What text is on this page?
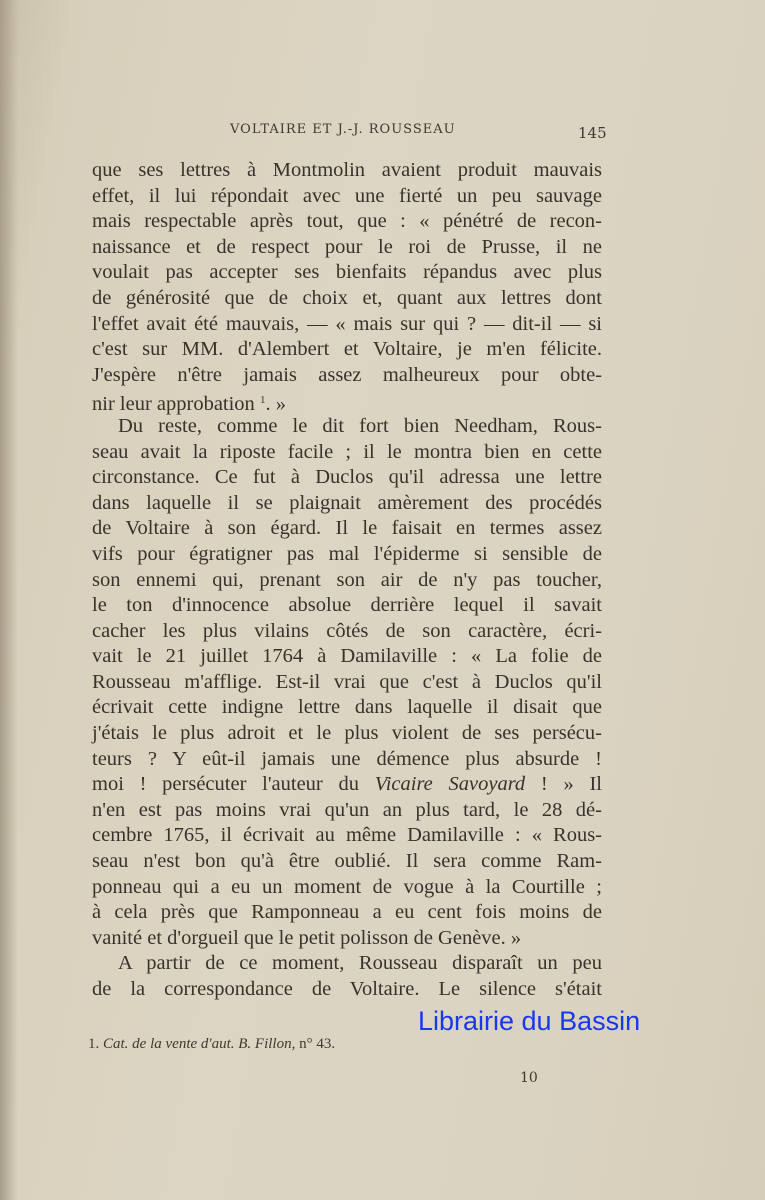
VOLTAIRE ET J.-J. ROUSSEAU	145
que ses lettres à Montmolin avaient produit mauvais
effet, il lui répondait avec une fierté un peu sauvage
mais respectable après tout, que : « pénétré de recon-
naissance et de respect pour le roi de Prusse, il ne
voulait pas accepter ses bienfaits répandus avec plus
de générosité que de choix et, quant aux lettres dont
l'effet avait été mauvais, — « mais sur qui ? — dit-il — si
c'est sur MM. d'Alembert et Voltaire, je m'en félicite.
J'espère n'être jamais assez malheureux pour obte-
nir leur approbation $^1$. »
Du reste, comme le dit fort bien Needham, Rous-
seau avait la riposte facile ; il le montra bien en cette
circonstance. Ce fut à Duclos qu'il adressa une lettre
dans laquelle il se plaignait amèrement des procédés
de Voltaire à son égard. Il le faisait en termes assez
vifs pour égratigner pas mal l'épiderme si sensible de
son ennemi qui, prenant son air de n'y pas toucher,
le ton d'innocence absolue derrière lequel il savait
cacher les plus vilains côtés de son caractère, écri-
vait le 21 juillet 1764 à Damilaville : « La folie de
Rousseau m'afflige. Est-il vrai que c'est à Duclos qu'il
écrivait cette indigne lettre dans laquelle il disait que
j'étais le plus adroit et le plus violent de ses persécu-
teurs ? Y eût-il jamais une démence plus absurde !
moi ! persécuter l'auteur du Vicaire Savoyard ! » Il
n'en est pas moins vrai qu'un an plus tard, le 28 dé-
cembre 1765, il écrivait au même Damilaville : « Rous-
seau n'est bon qu'à être oublié. Il sera comme Ram-
ponneau qui a eu un moment de vogue à la Courtille ;
à cela près que Ramponneau a eu cent fois moins de
vanité et d'orgueil que le petit polisson de Genève. »
A partir de ce moment, Rousseau disparaît un peu
de la correspondance de Voltaire. Le silence s'était
Librairie du Bassin
1. Cat. de la vente d'aut. B. Fillon, n° 43.
10
